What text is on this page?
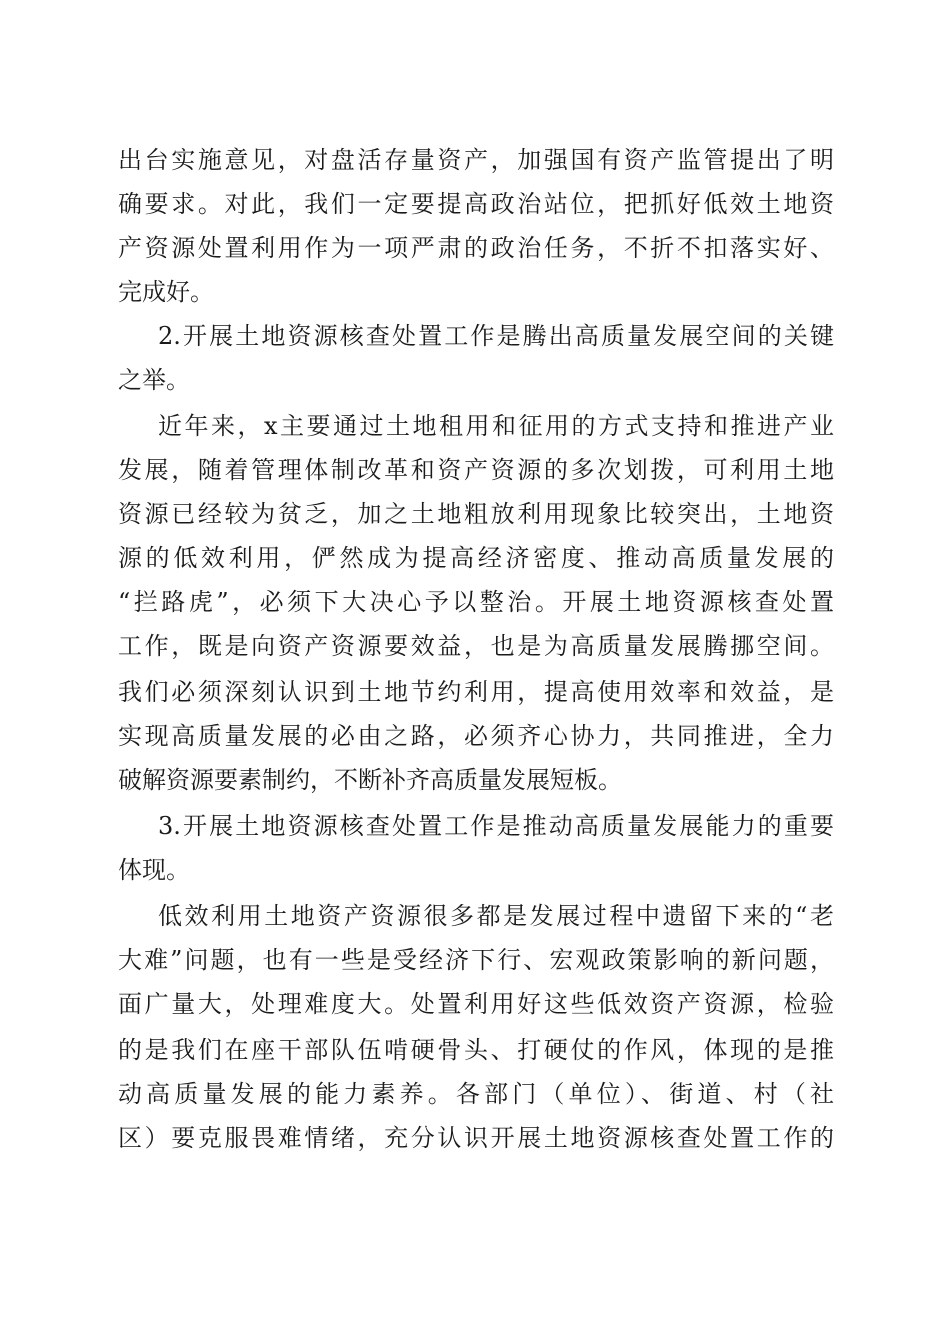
出台实施意见，对盘活存量资产，加强国有资产监管提出了明
确要求。对此，我们一定要提高政治站位，把抓好低效土地资
产资源处置利用作为一项严肃的政治任务，不折不扣落实好、
完成好。
2.开展土地资源核查处置工作是腾出高质量发展空间的关键
之举。
近年来，x主要通过土地租用和征用的方式支持和推进产业
发展，随着管理体制改革和资产资源的多次划拨，可利用土地
资源已经较为贫乏，加之土地粗放利用现象比较突出，土地资
源的低效利用，俨然成为提高经济密度、推动高质量发展的
“拦路虎”，必须下大决心予以整治。开展土地资源核查处置
工作，既是向资产资源要效益，也是为高质量发展腾挪空间。
我们必须深刻认识到土地节约利用，提高使用效率和效益，是
实现高质量发展的必由之路，必须齐心协力，共同推进，全力
破解资源要素制约，不断补齐高质量发展短板。
3.开展土地资源核查处置工作是推动高质量发展能力的重要
体现。
低效利用土地资产资源很多都是发展过程中遗留下来的“老
大难”问题，也有一些是受经济下行、宏观政策影响的新问题，
面广量大，处理难度大。处置利用好这些低效资产资源，检验
的是我们在座干部队伍啃硬骨头、打硬仗的作风，体现的是推
动高质量发展的能力素养。各部门（单位）、街道、村（社
区）要克服畏难情绪，充分认识开展土地资源核查处置工作的
